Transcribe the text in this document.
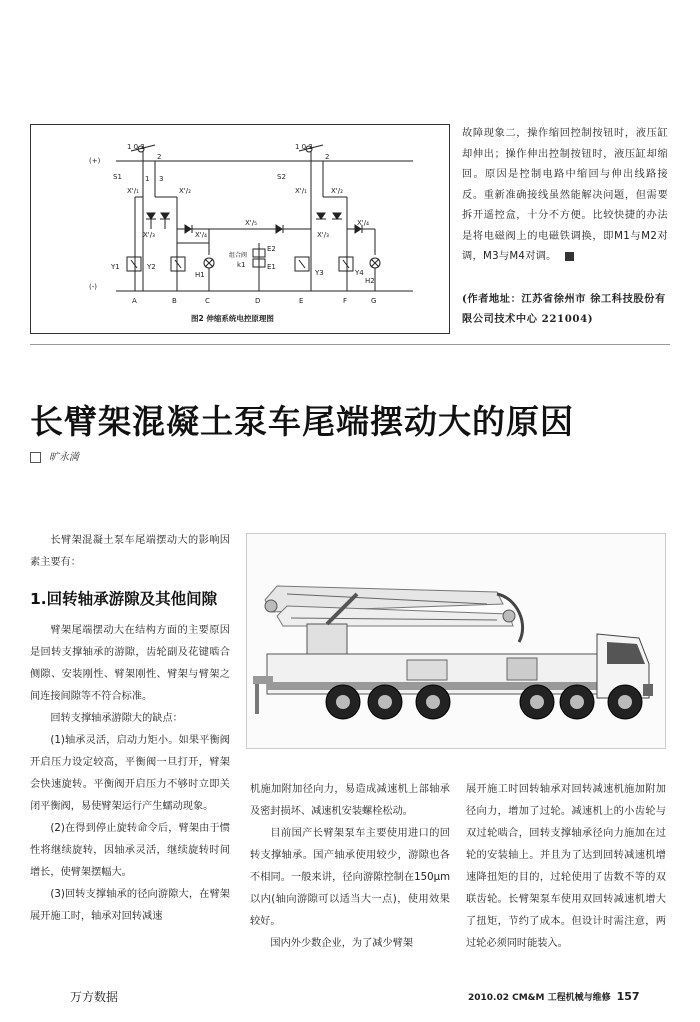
(+)
(-)
1 0 2
S1	1 3
2
X'/₁	X'/₂
X'/₃	X'/₄
Y1	Y2
H1
X'/₅
组合阀
k1
E2
E1
1 0 2
S2
2
X'/₁	X'/₂
X'/₃
X'/₄
Y3	Y4
H2
A	B	C	D	E	F	G
图2 伸缩系统电控原理图

故障现象二，操作缩回控制按钮时，液压缸却伸出；操作伸出控制按钮时，液压缸却缩回。原因是控制电路中缩回与伸出线路接反。重新准确接线虽然能解决问题，但需要拆开遥控盒，十分不方便。比较快捷的办法是将电磁阀上的电磁铁调换，即M1与M2对调，M3与M4对调。

(作者地址：江苏省徐州市 徐工科技股份有限公司技术中心 221004)
长臂架混凝土泵车尾端摆动大的原因
旷永満

长臂架混凝土泵车尾端摆动大的影响因素主要有：

1.回转轴承游隙及其他间隙

臂架尾端摆动大在结构方面的主要原因是回转支撑轴承的游隙，齿轮副及花键啮合侧隙、安装刚性、臂架刚性、臂架与臂架之间连接间隙等不符合标准。

回转支撑轴承游隙大的缺点：

(1)轴承灵活，启动力矩小。如果平衡阀开启压力设定较高，平衡阀一旦打开，臂架会快速旋转。平衡阀开启压力不够时立即关闭平衡阀，易使臂架运行产生蠕动现象。

(2)在得到停止旋转命令后，臂架由于惯性将继续旋转，因轴承灵活，继续旋转时间增长，使臂架摆幅大。

(3)回转支撑轴承的径向游隙大，在臂架展开施工时，轴承对回转减速

机施加附加径向力，易造成减速机上部轴承及密封损坏、减速机安装螺栓松动。

目前国产长臂架泵车主要使用进口的回转支撑轴承。国产轴承使用较少，游隙也各不相同。一般来讲，径向游隙控制在150μm以内(轴向游隙可以适当大一点)，使用效果较好。

国内外少数企业，为了减少臂架

展开施工时回转轴承对回转减速机施加附加径向力，增加了过轮。减速机上的小齿轮与双过轮啮合，回转支撑轴承径向力施加在过轮的安装轴上。并且为了达到回转减速机增速降扭矩的目的，过轮使用了齿数不等的双联齿轮。长臂架泵车使用双回转减速机增大了扭矩，节约了成本。但设计时需注意，两过轮必须同时能装入。

万方数据	2010.02 CM&M 工程机械与维修 157
